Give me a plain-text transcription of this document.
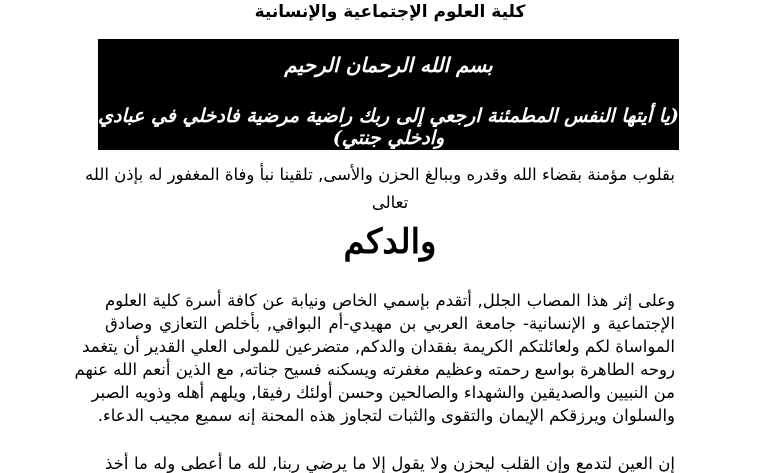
كلية العلوم الإجتماعية والإنسانية
بسم الله الرحمان الرحيم
(يا أيتها النفس المطمئنة ارجعي إلى ربك راضية مرضية فادخلي في عبادي وادخلي جنتي)
بقلوب مؤمنة بقضاء الله وقدره وببالغ الحزن والأسى, تلقينا نبأ وفاة المغفور له بإذن الله
تعالى
والدكم
وعلى إثر هذا المصاب الجلل, أتقدم بإسمي الخاص ونيابة عن كافة أسرة كلية العلوم
الإجتماعية و الإنسانية- جامعة العربي بن مهيدي-أم البواقي, بأخلص التعازي وصادق
المواساة لكم ولعائلتكم الكريمة بفقدان والدكم, متضرعين للمولى العلي القدير أن يتغمد
روحه الطاهرة بواسع رحمته وعظيم مغفرته ويسكنه فسيح جناته, مع الذين أنعم الله عنهم
من النبيين والصديقين والشهداء والصالحين وحسن أولئك رفيقا, ويلهم أهله وذويه الصبر
والسلوان ويرزقكم الإيمان والتقوى والثبات لتجاوز هذه المحنة إنه سميع مجيب الدعاء.
إن العين لتدمع وإن القلب ليحزن ولا يقول إلا ما يرضي ربنا, لله ما أعطى وله ما أخذ
